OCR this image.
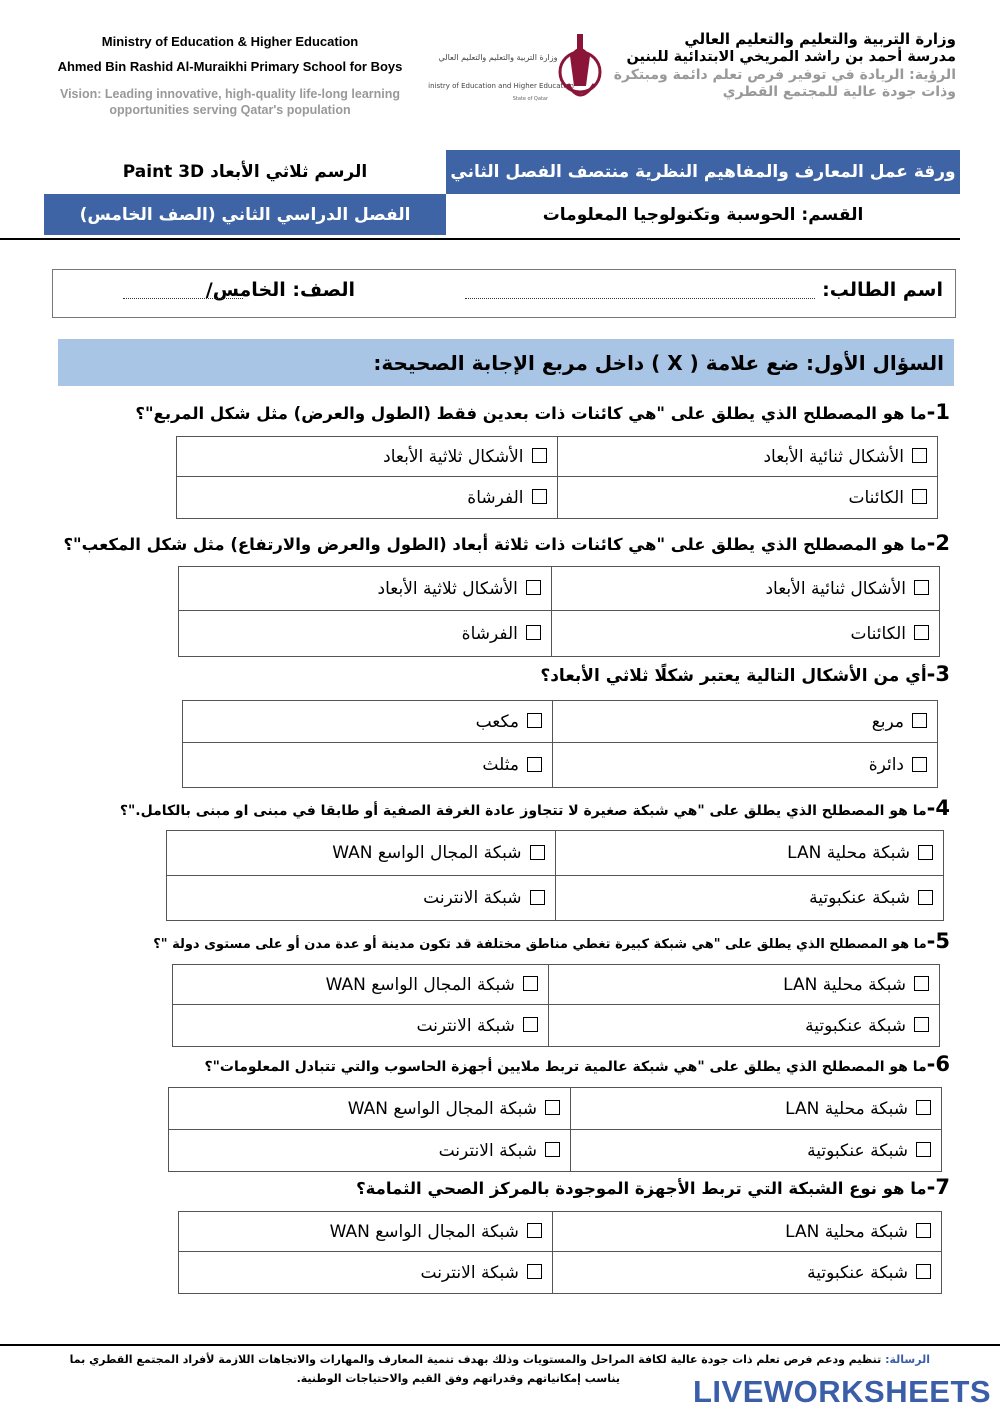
Ministry of Education & Higher Education
Ahmed Bin Rashid Al-Muraikhi Primary School for Boys
Vision: Leading innovative, high-quality life-long learning opportunities serving Qatar's population
وزارة التربية والتعليم والتعليم العالي
Ministry of Education and Higher Education
State of Qatar
وزارة التربية والتعليم والتعليم العالي
مدرسة أحمد بن راشد المريخي الابتدائية للبنين
الرؤية: الريادة في توفير فرص تعلم دائمة ومبتكرة
وذات جودة عالية للمجتمع القطري
ورقة عمل المعارف والمفاهيم النظرية منتصف الفصل الثاني
الرسم ثلاثي الأبعاد Paint 3D
الفصل الدراسي الثاني (الصف الخامس)	القسم: الحوسبة وتكنولوجيا المعلومات
اسم الطالب:
الصف: الخامس/
السؤال الأول: ضع علامة ( X ) داخل مربع الإجابة الصحيحة:
1-ما هو المصطلح الذي يطلق على "هي كائنات ذات بعدين فقط (الطول والعرض) مثل شكل المربع"؟
الأشكال ثنائية الأبعاد	الأشكال ثلاثية الأبعاد
الكائنات	الفرشاة
2-ما هو المصطلح الذي يطلق على "هي كائنات ذات ثلاثة أبعاد (الطول والعرض والارتفاع) مثل شكل المكعب"؟
الأشكال ثنائية الأبعاد	الأشكال ثلاثية الأبعاد
الكائنات	الفرشاة
3-أي من الأشكال التالية يعتبر شكلًا ثلاثي الأبعاد؟
مربع	مكعب
دائرة	مثلث
4-ما هو المصطلح الذي يطلق على "هي شبكة صغيرة لا تتجاوز عادة الغرفة الصفية أو طابقا في مبنى او مبنى بالكامل."؟
شبكة محلية LAN	شبكة المجال الواسع WAN
شبكة عنكبوتية	شبكة الانترنت
5-ما هو المصطلح الذي يطلق على "هي شبكة كبيرة تغطي مناطق مختلفة قد تكون مدينة أو عدة مدن أو على مستوى دولة "؟
شبكة محلية LAN	شبكة المجال الواسع WAN
شبكة عنكبوتية	شبكة الانترنت
6-ما هو المصطلح الذي يطلق على "هي شبكة عالمية تربط ملايين أجهزة الحاسوب والتي تتبادل المعلومات"؟
شبكة محلية LAN	شبكة المجال الواسع WAN
شبكة عنكبوتية	شبكة الانترنت
7-ما هو نوع الشبكة التي تربط الأجهزة الموجودة بالمركز الصحي الثمامة؟
شبكة محلية LAN	شبكة المجال الواسع WAN
شبكة عنكبوتية	شبكة الانترنت
الرسالة: تنظيم ودعم فرص تعلم ذات جودة عالية لكافة المراحل والمستويات وذلك بهدف تنمية المعارف والمهارات والاتجاهات اللازمة لأفراد المجتمع القطري بما
يناسب إمكانياتهم وقدراتهم وفق القيم والاحتياجات الوطنية.	LIVEWORKSHEETS
